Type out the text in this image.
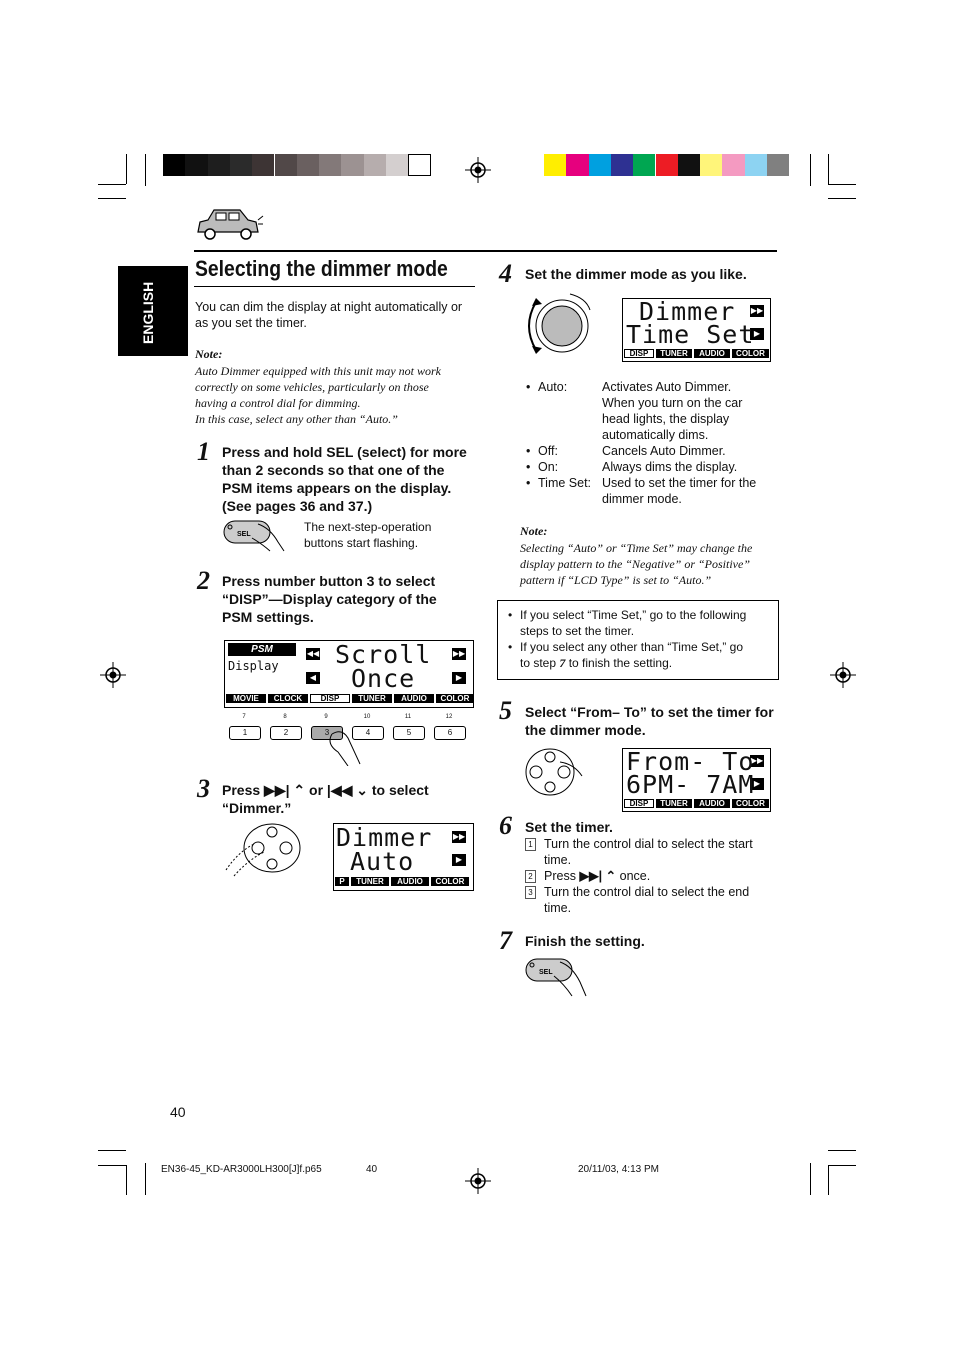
ENGLISH
Selecting the dimmer mode
You can dim the display at night automatically or as you set the timer.
Note:
Auto Dimmer equipped with this unit may not work
correctly on some vehicles, particularly on those
having a control dial for dimming.
In this case, select any other than “Auto.”
1 Press and hold SEL (select) for more
than 2 seconds so that one of the
PSM items appears on the display.
(See pages 36 and 37.)
SEL
The next-step-operation
buttons start flashing.
2 Press number button 3 to select
“DISP”—Display category of the
PSM settings.
PSM
Display
◀◀
◀
▶▶
▶
Scroll
Once
MOVIE	CLOCK	DISP	TUNER	AUDIO	COLOR
7
1
8
2
9
3
10
4
11
5
12
6
3 Press ▶▶| ⌃ or |◀◀ ⌄ to select
“Dimmer.”
▶▶
▶
Dimmer
Auto
P	TUNER	AUDIO	COLOR
4 Set the dimmer mode as you like.
▶▶
▶
Dimmer
Time Set
DISP	TUNER	AUDIO	COLOR
• Auto:	Activates Auto Dimmer.
When you turn on the car
head lights, the display
automatically dims.
• Off:	Cancels Auto Dimmer.
• On:	Always dims the display.
• Time Set: Used to set the timer for the
dimmer mode.
Note:
Selecting “Auto” or “Time Set” may change the
display pattern to the “Negative” or “Positive”
pattern if “LCD Type” is set to “Auto.”
• If you select “Time Set,” go to the following
steps to set the timer.
• If you select any other than “Time Set,” go
to step 7 to finish the setting.
5 Select “From– To” to set the timer for
the dimmer mode.
▶▶
▶
From- To
6PM- 7AM
DISP	TUNER	AUDIO	COLOR
6 Set the timer.
1 Turn the control dial to select the start
time.
2 Press ▶▶| ⌃ once.
3 Turn the control dial to select the end
time.
7 Finish the setting.
SEL
40
EN36-45_KD-AR3000LH300[J]f.p65	40	20/11/03, 4:13 PM
